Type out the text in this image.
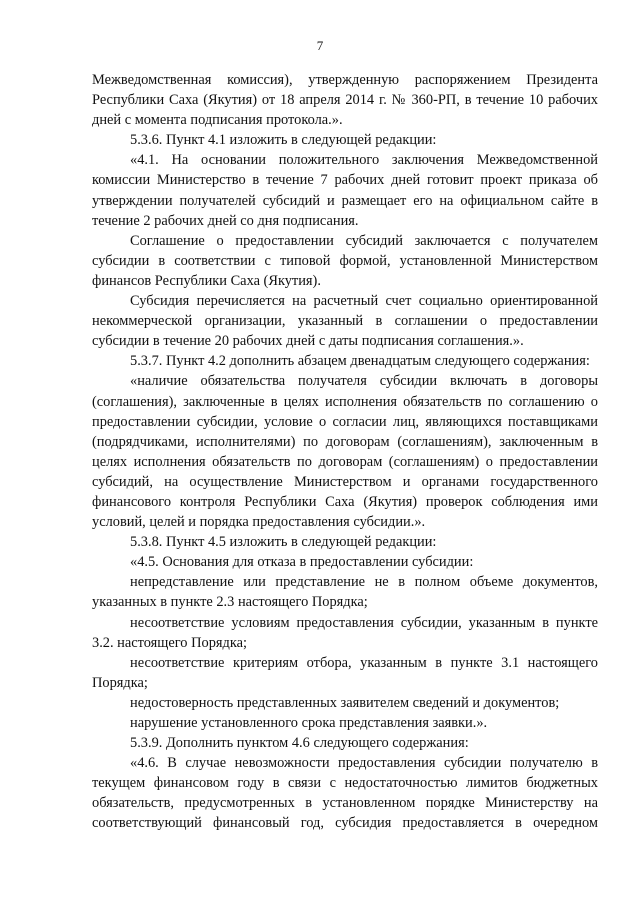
7

Межведомственная комиссия), утвержденную распоряжением Президента Республики Саха (Якутия) от 18 апреля 2014 г. № 360-РП, в течение 10 рабочих дней с момента подписания протокола.».

5.3.6. Пункт 4.1 изложить в следующей редакции:

«4.1. На основании положительного заключения Межведомственной комиссии Министерство в течение 7 рабочих дней готовит проект приказа об утверждении получателей субсидий и размещает его на официальном сайте в течение 2 рабочих дней со дня подписания.

Соглашение о предоставлении субсидий заключается с получателем субсидии в соответствии с типовой формой, установленной Министерством финансов Республики Саха (Якутия).

Субсидия перечисляется на расчетный счет социально ориентированной некоммерческой организации, указанный в соглашении о предоставлении субсидии в течение 20 рабочих дней с даты подписания соглашения.».

5.3.7. Пункт 4.2 дополнить абзацем двенадцатым следующего содержания:

«наличие обязательства получателя субсидии включать в договоры (соглашения), заключенные в целях исполнения обязательств по соглашению о предоставлении субсидии, условие о согласии лиц, являющихся поставщиками (подрядчиками, исполнителями) по договорам (соглашениям), заключенным в целях исполнения обязательств по договорам (соглашениям) о предоставлении субсидий, на осуществление Министерством и органами государственного финансового контроля Республики Саха (Якутия) проверок соблюдения ими условий, целей и порядка предоставления субсидии.».

5.3.8. Пункт 4.5 изложить в следующей редакции:

«4.5. Основания для отказа в предоставлении субсидии:

непредставление или представление не в полном объеме документов, указанных в пункте 2.3 настоящего Порядка;

несоответствие условиям предоставления субсидии, указанным в пункте 3.2. настоящего Порядка;

несоответствие критериям отбора, указанным в пункте 3.1 настоящего Порядка;

недостоверность представленных заявителем сведений и документов;

нарушение установленного срока представления заявки.».

5.3.9. Дополнить пунктом 4.6 следующего содержания:

«4.6. В случае невозможности предоставления субсидии получателю в текущем финансовом году в связи с недостаточностью лимитов бюджетных обязательств, предусмотренных в установленном порядке Министерству на соответствующий финансовый год, субсидия предоставляется в очередном
